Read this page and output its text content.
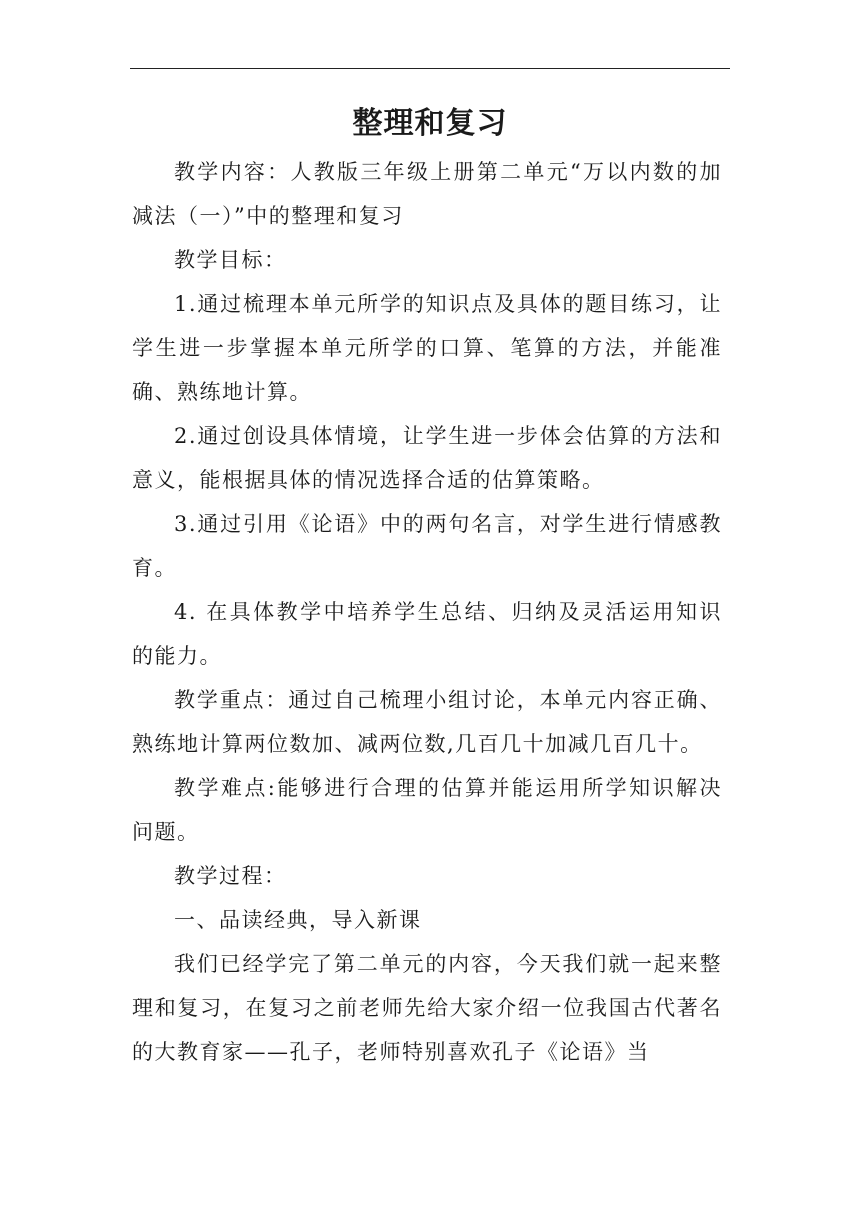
整理和复习

教学内容：人教版三年级上册第二单元“万以内数的加减法（一）”中的整理和复习

教学目标：

1.通过梳理本单元所学的知识点及具体的题目练习，让学生进一步掌握本单元所学的口算、笔算的方法，并能准确、熟练地计算。

2.通过创设具体情境，让学生进一步体会估算的方法和意义，能根据具体的情况选择合适的估算策略。

3.通过引用《论语》中的两句名言，对学生进行情感教育。

4. 在具体教学中培养学生总结、归纳及灵活运用知识的能力。

教学重点：通过自己梳理小组讨论，本单元内容正确、熟练地计算两位数加、减两位数,几百几十加减几百几十。

教学难点:能够进行合理的估算并能运用所学知识解决问题。

教学过程：

一、品读经典，导入新课

我们已经学完了第二单元的内容，今天我们就一起来整理和复习，在复习之前老师先给大家介绍一位我国古代著名的大教育家——孔子，老师特别喜欢孔子《论语》当
